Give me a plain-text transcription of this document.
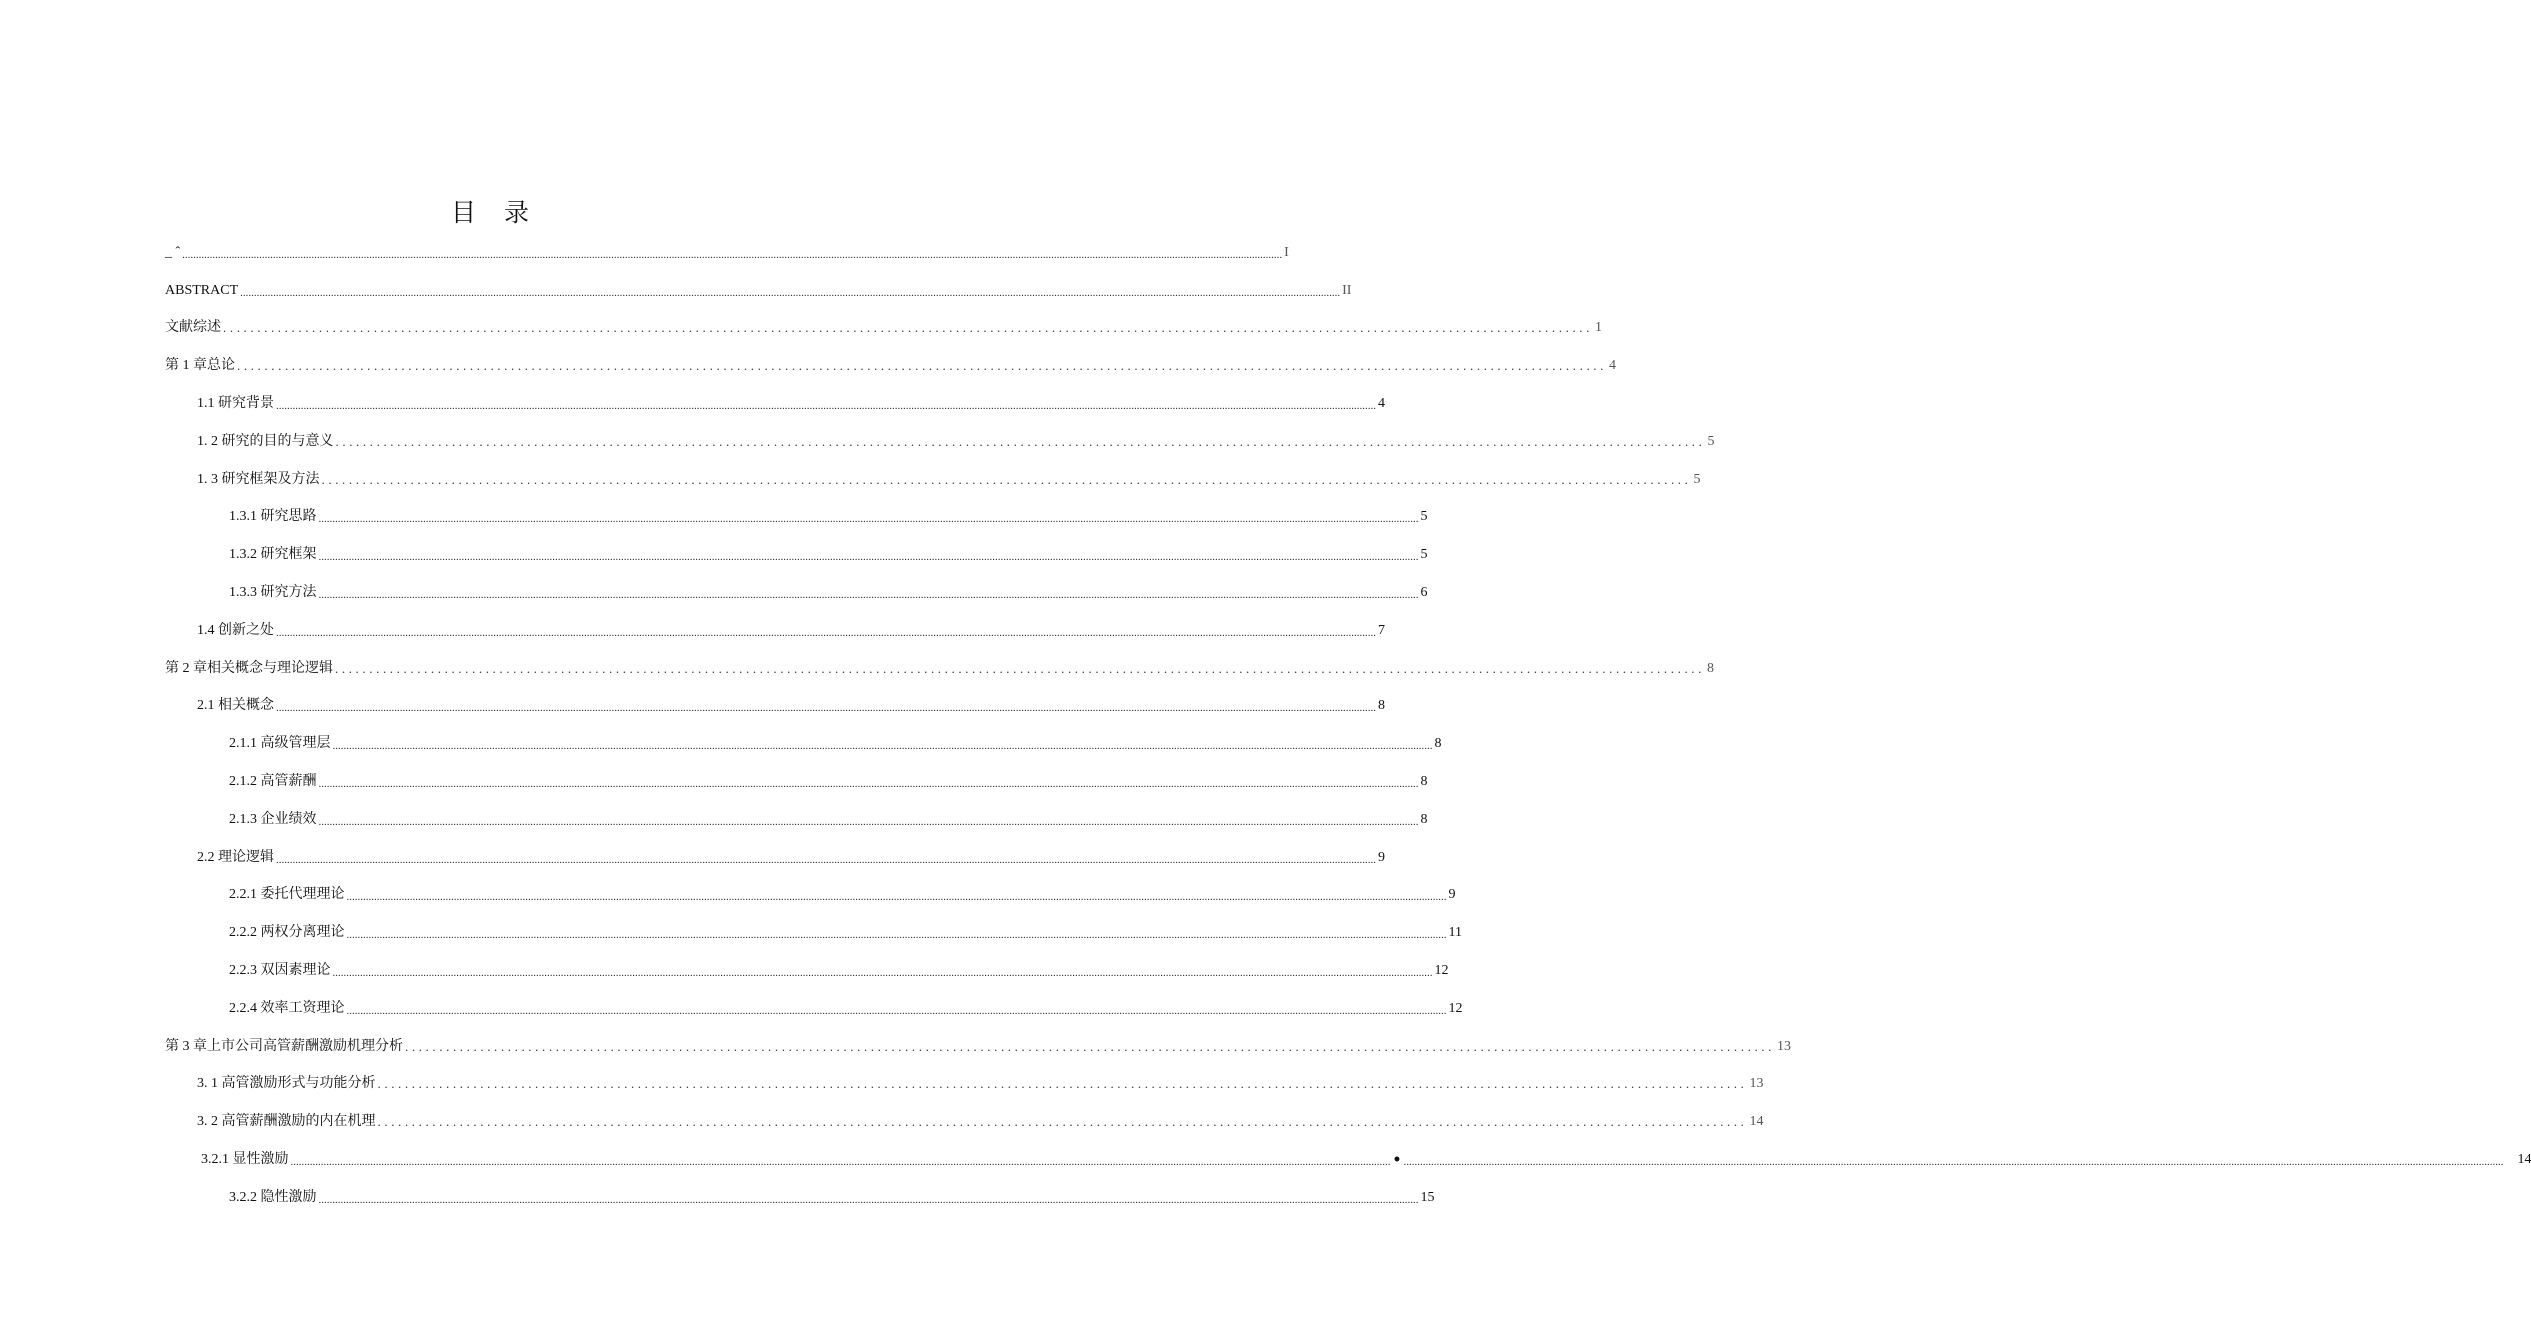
目 录
_ ˆ ................................................................................................................................................................................................................................................................................................................................................................................................................ I
ABSTRACT ................................................................................................................................................................................................................................................................................................................................................................................................................ II
文献综述 ........................................................................................................................................................................................................ 1
第 1 章总论 ........................................................................................................................................................................................................ 4
1.1 研究背景 ................................................................................................................................................................................................................................................................................................................................................................................................................ 4
1. 2 研究的目的与意义 ........................................................................................................................................................................................................ 5
1. 3 研究框架及方法 ........................................................................................................................................................................................................ 5
1.3.1 研究思路 ................................................................................................................................................................................................................................................................................................................................................................................................................ 5
1.3.2 研究框架 ................................................................................................................................................................................................................................................................................................................................................................................................................ 5
1.3.3 研究方法 ................................................................................................................................................................................................................................................................................................................................................................................................................ 6
1.4 创新之处 ................................................................................................................................................................................................................................................................................................................................................................................................................ 7
第 2 章相关概念与理论逻辑 ........................................................................................................................................................................................................ 8
2.1 相关概念 ................................................................................................................................................................................................................................................................................................................................................................................................................ 8
2.1.1 高级管理层 ................................................................................................................................................................................................................................................................................................................................................................................................................ 8
2.1.2 高管薪酬 ................................................................................................................................................................................................................................................................................................................................................................................................................ 8
2.1.3 企业绩效 ................................................................................................................................................................................................................................................................................................................................................................................................................ 8
2.2 理论逻辑 ................................................................................................................................................................................................................................................................................................................................................................................................................ 9
2.2.1 委托代理理论 ................................................................................................................................................................................................................................................................................................................................................................................................................ 9
2.2.2 两权分离理论 ................................................................................................................................................................................................................................................................................................................................................................................................................ 11
2.2.3 双因素理论 ................................................................................................................................................................................................................................................................................................................................................................................................................ 12
2.2.4 效率工资理论 ................................................................................................................................................................................................................................................................................................................................................................................................................ 12
第 3 章上市公司高管薪酬激励机理分析 ........................................................................................................................................................................................................ 13
3. 1 高管激励形式与功能分析 ........................................................................................................................................................................................................ 13
3. 2 高管薪酬激励的内在机理 ........................................................................................................................................................................................................ 14
3.2.1 显性激励 ................................................................................................................................................................................................................................................................................................................................................................................................................ • ................................................................................................................................................................................................................................................................................................................................................................................................................ 14
3.2.2 隐性激励 ................................................................................................................................................................................................................................................................................................................................................................................................................ 15
